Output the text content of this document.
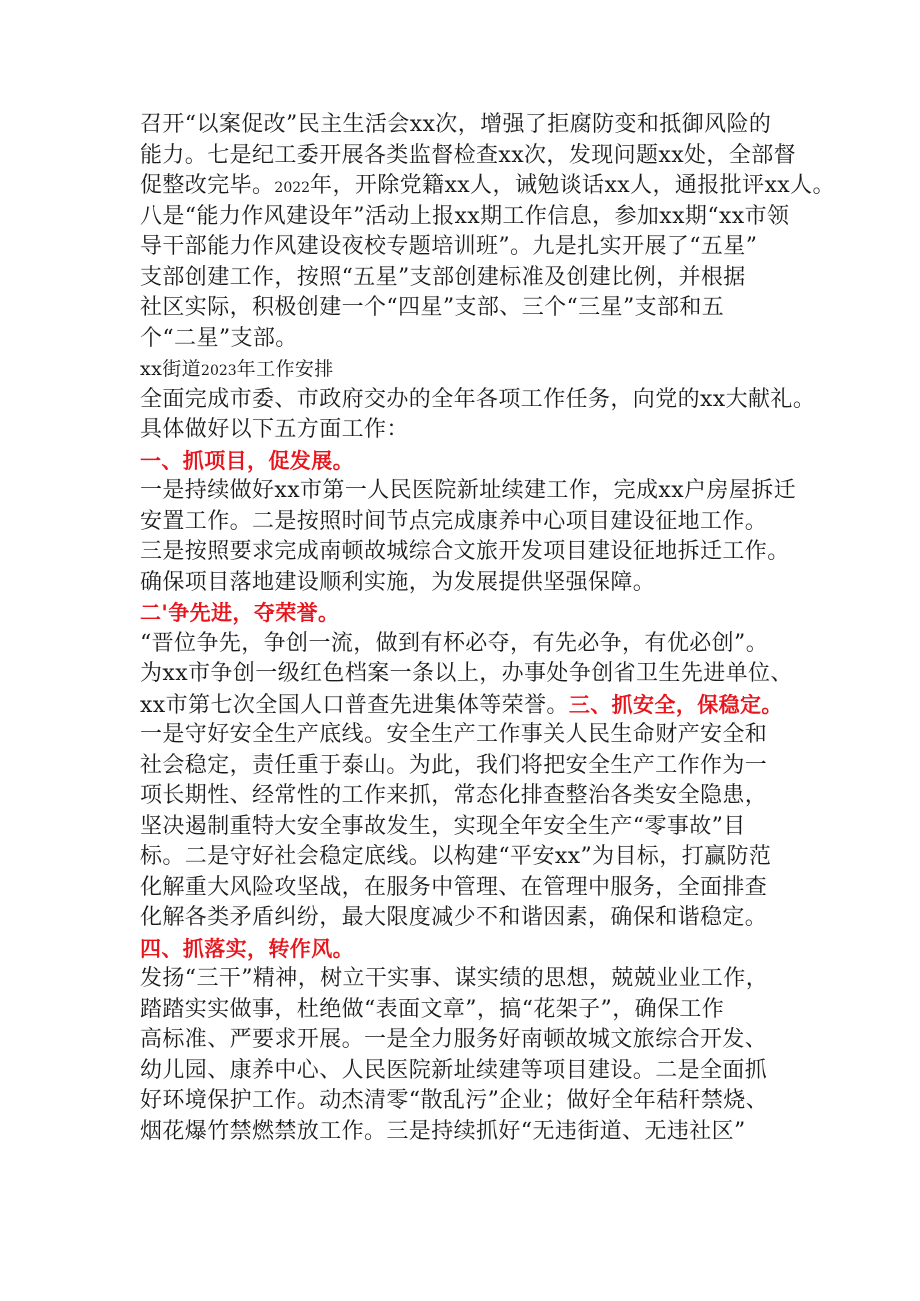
召开“以案促改”民主生活会xx次，增强了拒腐防变和抵御风险的
能力。七是纪工委开展各类监督检查xx次，发现问题xx处，全部督
促整改完毕。2022年，开除党籍xx人，诫勉谈话xx人，通报批评xx人。
八是“能力作风建设年”活动上报xx期工作信息，参加xx期“xx市领
导干部能力作风建设夜校专题培训班”。九是扎实开展了“五星”
支部创建工作，按照“五星”支部创建标准及创建比例，并根据
社区实际，积极创建一个“四星”支部、三个“三星”支部和五
个“二星”支部。
xx街道2023年工作安排
全面完成市委、市政府交办的全年各项工作任务，向党的xx大献礼。
具体做好以下五方面工作：
一、抓项目，促发展。
一是持续做好xx市第一人民医院新址续建工作，完成xx户房屋拆迁
安置工作。二是按照时间节点完成康养中心项目建设征地工作。
三是按照要求完成南顿故城综合文旅开发项目建设征地拆迁工作。
确保项目落地建设顺利实施，为发展提供坚强保障。
二'争先进，夺荣誉。
“晋位争先，争创一流，做到有杯必夺，有先必争，有优必创”。
为xx市争创一级红色档案一条以上，办事处争创省卫生先进单位、
xx市第七次全国人口普查先进集体等荣誉。三、抓安全，保稳定。
一是守好安全生产底线。安全生产工作事关人民生命财产安全和
社会稳定，责任重于泰山。为此，我们将把安全生产工作作为一
项长期性、经常性的工作来抓，常态化排查整治各类安全隐患，
坚决遏制重特大安全事故发生，实现全年安全生产“零事故”目
标。二是守好社会稳定底线。以构建“平安xx”为目标，打赢防范
化解重大风险攻坚战，在服务中管理、在管理中服务，全面排查
化解各类矛盾纠纷，最大限度减少不和谐因素，确保和谐稳定。
四、抓落实，转作风。
发扬“三干”精神，树立干实事、谋实绩的思想，兢兢业业工作，
踏踏实实做事，杜绝做“表面文章”，搞“花架子”，确保工作
高标准、严要求开展。一是全力服务好南顿故城文旅综合开发、
幼儿园、康养中心、人民医院新址续建等项目建设。二是全面抓
好环境保护工作。动杰清零“散乱污”企业；做好全年秸秆禁烧、
烟花爆竹禁燃禁放工作。三是持续抓好“无违街道、无违社区”
